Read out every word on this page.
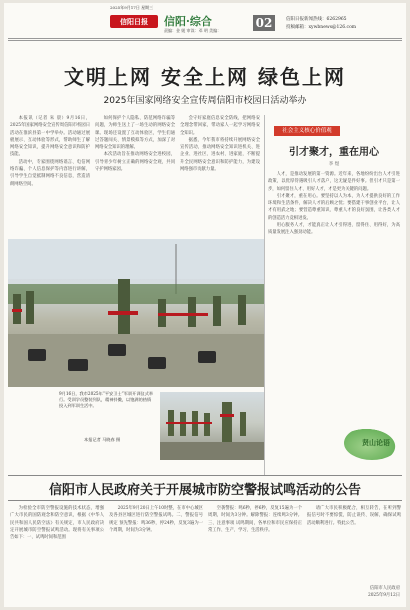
2025年9月17日 星期三
信阳日报	信阳·综合	02
责编：金 媛 审读：邓 明 美编：
信阳日报新闻热线：6262965
投稿邮箱：xywbnews@126.com
文明上网 安全上网 绿色上网
2025年国家网络安全宣传周信阳市校园日活动举办

本报讯（记者 朱 晨）9月16日，2025年国家网络安全宣传周信阳市校园日活动在淮滨县第一中学举办。活动通过展板展示、互动体验等形式，帮助师生了解网络安全知识，提升网络安全意识和防护技能。

活动中，专家围绕网络谣言、电信网络诈骗、个人信息保护等内容进行讲解，引导学生自觉抵制网络不良信息，营造清朗网络空间。

如何保护个人隐私、防范网络诈骗等问题，为师生送上了一场生动的网络安全课。现场还设置了互动体验区，学生们通过答题闯关、情景模拟等方式，加深了对网络安全知识的理解。

本次活动旨在推动网络安全进校园，引导青少年树立正确的网络安全观，共同守护网络家园。

会守好家庭信息安全防线，把网络安全理念带回家，带动家人一起学习网络安全知识。

据悉，今年我市将持续开展网络安全宣传活动，推动网络安全知识进机关、进企业、进社区、进农村、进家庭，不断提升全民网络安全意识和防护能力，为建设网络强市贡献力量。

9月16日，我市2025年“平安卫士”军训开训仪式举行。受训学员整装列队，精神抖擞，以饱满的热情投入到军训生活中。
本报记者 马晓春 摄
社会主义核心价值观
引才聚才，重在用心
李 煜

人才，是推动发展的第一资源。近年来，各地纷纷出台人才引进政策，以优厚待遇吸引人才落户，这无疑是件好事。但引才只是第一步，如何留住人才、用好人才，才是更为关键的问题。

引才聚才，重在用心。要坚持以人为本，为人才提供良好的工作环境和生活条件，解决人才的后顾之忧；要搭建干事创业平台，让人才有用武之地；要营造尊重知识、尊重人才的良好氛围，让各类人才的创造活力竞相迸发。

用心服务人才，才能真正让人才引得进、留得住、用得好，为高质量发展注入强劲动能。

贤山论语
信阳市人民政府关于开展城市防空警报试鸣活动的公告

为检验全市防空警报设施的技术状态，增强广大市民的国防观念和防空意识，根据《中华人民共和国人民防空法》有关规定，市人民政府决定开展城市防空警报试鸣活动。现将有关事项公告如下：一、试鸣时间和范围

2025年9月20日上午10时整，在市中心城区及各县区城区进行防空警报试鸣。二、警报信号规定 预先警报：鸣36秒，停24秒，反复3遍为一个周期，时间为3分钟。

空袭警报：鸣6秒，停6秒，反复15遍为一个周期，时间为3分钟。解除警报：连续鸣3分钟。三、注意事项 试鸣期间，各单位和市民应保持正常工作、生产、学习、生活秩序。

请广大市民积极配合，相互转告，在听到警报信号时不要惊慌，防止误传、误解，确保试鸣活动顺利进行。特此公告。

信阳市人民政府
2025年9月12日
